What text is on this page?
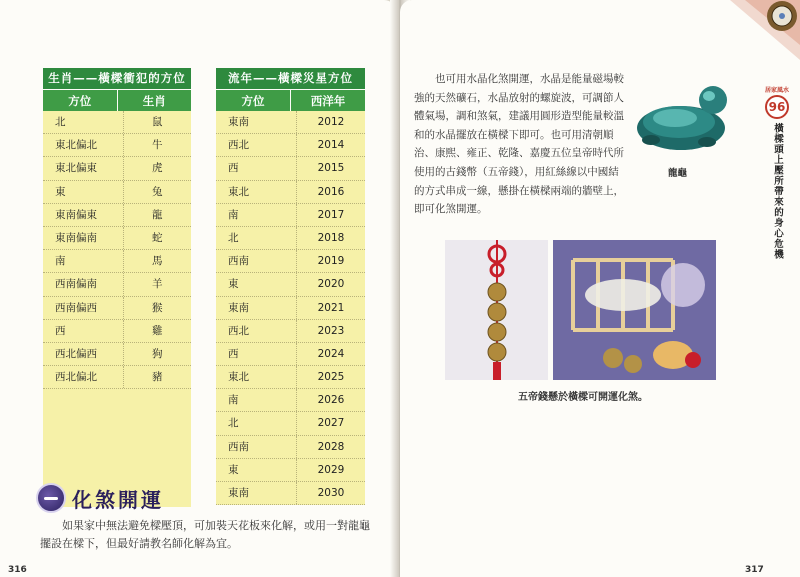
生肖——橫樑衝犯的方位
方位	生肖
北	鼠
東北偏北	牛
東北偏東	虎
東	兔
東南偏東	龍
東南偏南	蛇
南	馬
西南偏南	羊
西南偏西	猴
西	雞
西北偏西	狗
西北偏北	豬
流年——橫樑災星方位
方位	西洋年
東南	2012
西北	2014
西	2015
東北	2016
南	2017
北	2018
西南	2019
東	2020
東南	2021
西北	2023
西	2024
東北	2025
南	2026
北	2027
西南	2028
東	2029
東南	2030
化煞開運

如果家中無法避免樑壓頂，可加裝天花板來化解，或用一對龍龜擺設在樑下，但最好請教名師化解為宜。

316

也可用水晶化煞開運，水晶是能量磁場較強的天然礦石，水晶放射的螺旋波，可調節人體氣場，調和煞氣，建議用圓形造型能量較溫和的水晶擺放在橫樑下即可。也可用清朝順治、康熙、雍正、乾隆、嘉慶五位皇帝時代所使用的古錢幣（五帝錢），用紅絲線以中國結的方式串成一線，懸掛在橫樑兩端的牆壁上，即可化煞開運。

龍龜
五帝錢懸於橫樑可開運化煞。
居家風水
96
橫樑頭上壓所帶來的身心危機
317
